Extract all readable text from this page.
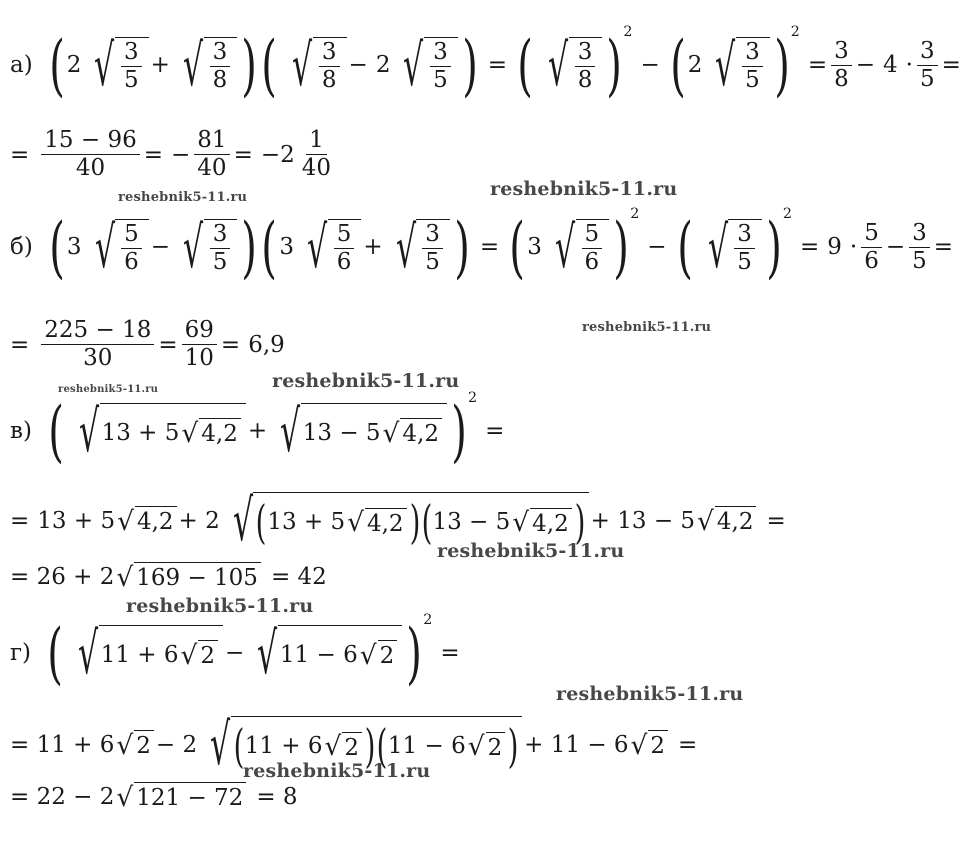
а) ( 2 √ $\frac{3}{5}$ + √ $\frac{3}{8}$ ) ( √ $\frac{3}{8} - 2$ √ $\frac{3}{5}$ ) = ( √ $\frac{3}{8}$ ) 2
− ( 2 √ $\frac{3}{5}$ ) 2
= $\frac{3}{8} - 4 \cdot \frac{3}{5}$ =
= $\frac{15 - 96}{40}$ = − $\frac{81}{40} = -2 \frac{1}{40}$
б) ( 3 √ $\frac{5}{6}$ − √ $\frac{3}{5}$ ) ( 3 √ $\frac{5}{6}$ + √ $\frac{3}{5}$ ) = ( 3 √ $\frac{5}{6}$ ) 2
− ( √ $\frac{3}{5}$ ) 2
= $9 \cdot \frac{5}{6} - \frac{3}{5}$ =
= $\frac{225 - 18}{30} = \frac{69}{10} = 6,9$
в) ( √ 13 + 5 √ 4,2 + √ 13 − 5 √ 4,2 ) 2
=
= 13 + 5 √ 4,2 + 2 √ ( 13 + 5 √ 4,2 ) ( 13 − 5 √ 4,2 ) + 13 − 5 √ 4,2 =
= 26 + 2 √ 169 − 105 = 42
г) ( √ 11 + 6 √ 2 − √ 11 − 6 √ 2 ) 2
=
= 11 + 6 √ 2 − 2 √ ( 11 + 6 √ 2 ) ( 11 − 6 √ 2 ) + 11 − 6 √ 2 =
= 22 − 2 √ 121 − 72 = 8
reshebnik5-11.ru	reshebnik5-11.ru
reshebnik5-11.ru
reshebnik5-11.ru	reshebnik5-11.ru
reshebnik5-11.ru
reshebnik5-11.ru
reshebnik5-11.ru
reshebnik5-11.ru
